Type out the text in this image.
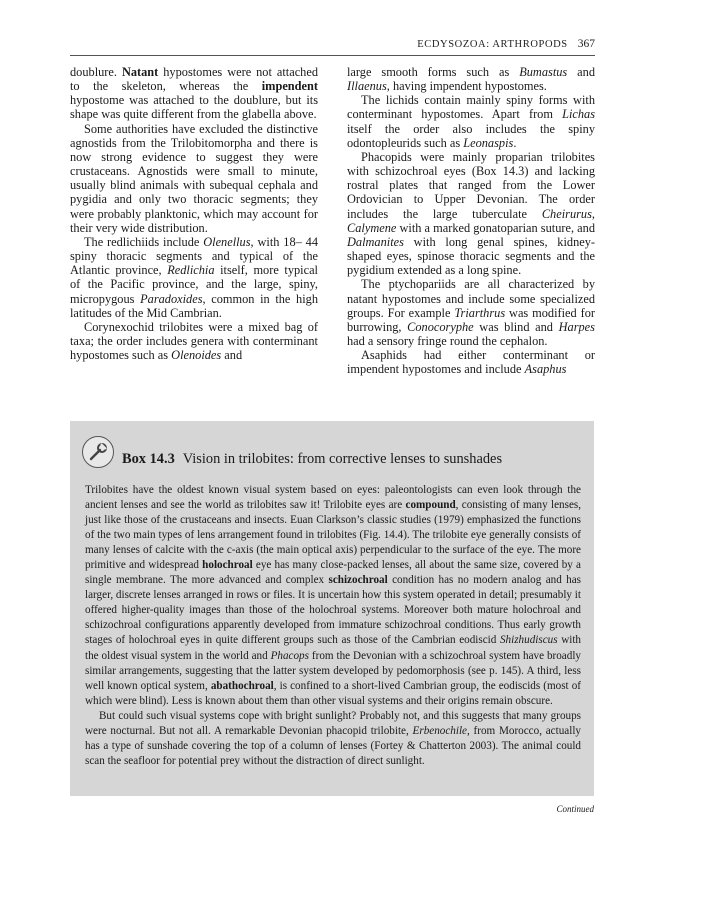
ECDYSOZOA: ARTHROPODS 367

doublure. Natant hypostomes were not attached to the skeleton, whereas the impendent hypostome was attached to the doublure, but its shape was quite different from the glabella above.

Some authorities have excluded the distinctive agnostids from the Trilobitomorpha and there is now strong evidence to suggest they were crustaceans. Agnostids were small to minute, usually blind animals with subequal cephala and pygidia and only two thoracic segments; they were probably planktonic, which may account for their very wide distribution.

The redlichiids include Olenellus, with 18– 44 spiny thoracic segments and typical of the Atlantic province, Redlichia itself, more typical of the Pacific province, and the large, spiny, micropygous Paradoxides, common in the high latitudes of the Mid Cambrian.

Corynexochid trilobites were a mixed bag of taxa; the order includes genera with conterminant hypostomes such as Olenoides and

large smooth forms such as Bumastus and Illaenus, having impendent hypostomes.

The lichids contain mainly spiny forms with conterminant hypostomes. Apart from Lichas itself the order also includes the spiny odontopleurids such as Leonaspis.

Phacopids were mainly proparian trilobites with schizochroal eyes (Box 14.3) and lacking rostral plates that ranged from the Lower Ordovician to Upper Devonian. The order includes the large tuberculate Cheirurus, Calymene with a marked gonatoparian suture, and Dalmanites with long genal spines, kidney-shaped eyes, spinose thoracic segments and the pygidium extended as a long spine.

The ptychopariids are all characterized by natant hypostomes and include some specialized groups. For example Triarthrus was modified for burrowing, Conocoryphe was blind and Harpes had a sensory fringe round the cephalon.

Asaphids had either conterminant or impendent hypostomes and include Asaphus

Box 14.3 Vision in trilobites: from corrective lenses to sunshades

Trilobites have the oldest known visual system based on eyes: paleontologists can even look through the ancient lenses and see the world as trilobites saw it! Trilobite eyes are compound, consisting of many lenses, just like those of the crustaceans and insects. Euan Clarkson’s classic studies (1979) emphasized the functions of the two main types of lens arrangement found in trilobites (Fig. 14.4). The trilobite eye generally consists of many lenses of calcite with the c-axis (the main optical axis) perpendicular to the surface of the eye. The more primitive and widespread holochroal eye has many close-packed lenses, all about the same size, covered by a single membrane. The more advanced and complex schizochroal condition has no modern analog and has larger, discrete lenses arranged in rows or files. It is uncertain how this system operated in detail; presumably it offered higher-quality images than those of the holochroal systems. Moreover both mature holochroal and schizochroal configurations apparently developed from immature schizochroal conditions. Thus early growth stages of holochroal eyes in quite different groups such as those of the Cambrian eodiscid Shizhudiscus with the oldest visual system in the world and Phacops from the Devonian with a schizochroal system have broadly similar arrangements, suggesting that the latter system developed by pedomorphosis (see p. 145). A third, less well known optical system, abathochroal, is confined to a short-lived Cambrian group, the eodiscids (most of which were blind). Less is known about them than other visual systems and their origins remain obscure.

But could such visual systems cope with bright sunlight? Probably not, and this suggests that many groups were nocturnal. But not all. A remarkable Devonian phacopid trilobite, Erbenochile, from Morocco, actually has a type of sunshade covering the top of a column of lenses (Fortey & Chatterton 2003). The animal could scan the seafloor for potential prey without the distraction of direct sunlight.

Continued
